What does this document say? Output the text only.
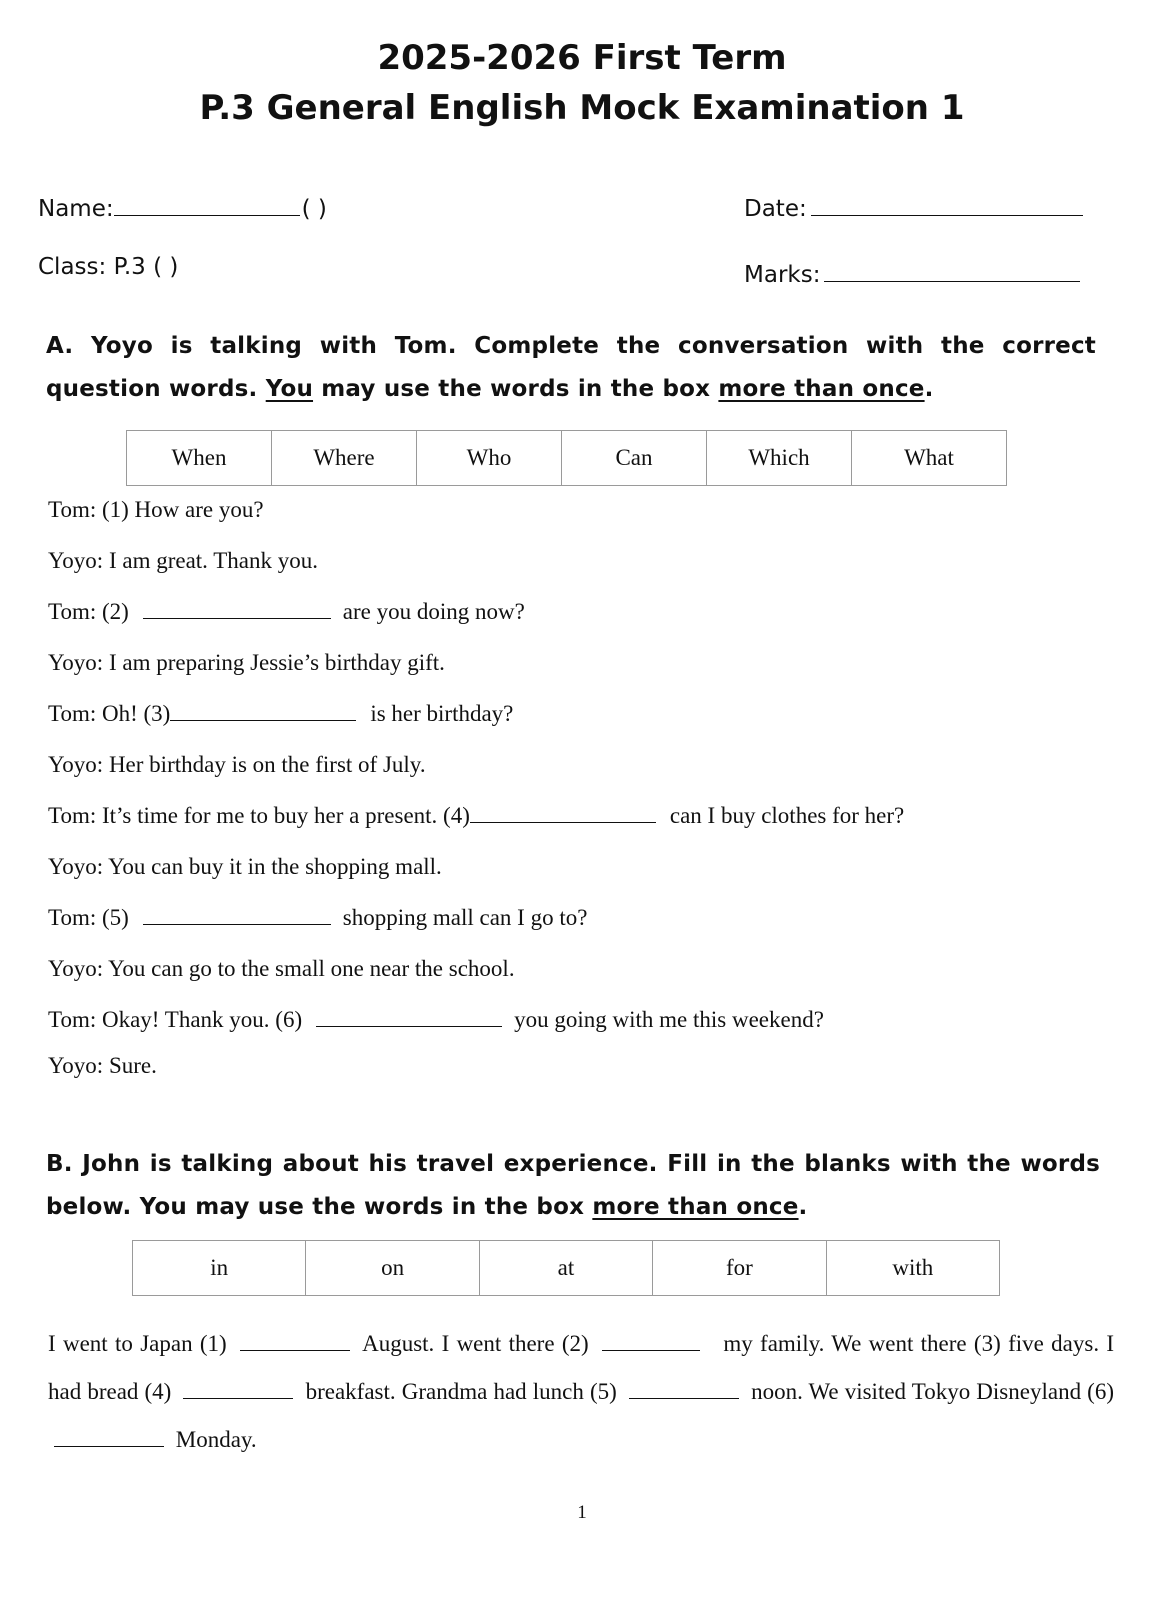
2025-2026 First Term
P.3 General English Mock Examination 1
Name:	( )	Date:
Class: P.3 ( )	Marks:
A. Yoyo is talking with Tom. Complete the conversation with the correct question words. You may use the words in the box more than once.
When	Where	Who	Can	Which	What
Tom: (1) How are you?
Yoyo: I am great. Thank you.
Tom: (2)	are you doing now?
Yoyo: I am preparing Jessie’s birthday gift.
Tom: Oh! (3)	is her birthday?
Yoyo: Her birthday is on the first of July.
Tom: It’s time for me to buy her a present. (4)	can I buy clothes for her?
Yoyo: You can buy it in the shopping mall.
Tom: (5)	shopping mall can I go to?
Yoyo: You can go to the small one near the school.
Tom: Okay! Thank you. (6)	you going with me this weekend?
Yoyo: Sure.
B. John is talking about his travel experience. Fill in the blanks with the words below. You may use the words in the box more than once.
in	on	at	for	with
I went to Japan (1)	August. I went there (2)	my family. We went there (3) five days. I had bread (4)	breakfast. Grandma had lunch (5)	noon. We visited Tokyo Disneyland (6)  Monday.
1
